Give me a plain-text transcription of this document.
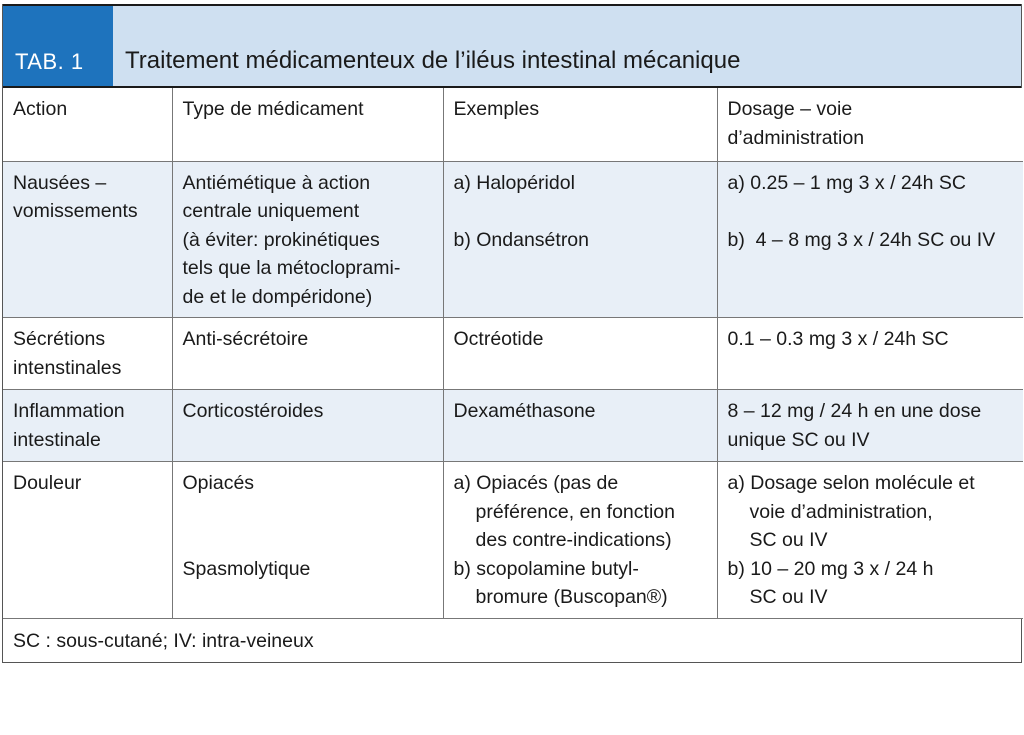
TAB. 1 Traitement médicamenteux de l’iléus intestinal mécanique
Action	Type de médicament	Exemples	Dosage – voie
d’administration

Nausées –
vomissements	Antiémétique à action
centrale uniquement
(à éviter: prokinétiques
tels que la métocloprami-
de et le dompéridone)	a) Halopéridol
b) Ondansétron	a) 0.25 – 1 mg 3 x / 24h SC
b)  4 – 8 mg 3 x / 24h SC ou IV

Sécrétions
intenstinales	Anti-sécrétoire	Octréotide	0.1 – 0.3 mg 3 x / 24h SC

Inflammation
intestinale	Corticostéroides	Dexaméthasone	8 – 12 mg / 24 h en une dose
unique SC ou IV

Douleur	Opiacés
Spasmolytique	a) Opiacés (pas de
préférence, en fonction
des contre-indications)
b) scopolamine butyl-
bromure (Buscopan®)	a) Dosage selon molécule et
voie d’administration,
SC ou IV
b) 10 – 20 mg 3 x / 24 h
SC ou IV
SC : sous-cutané; IV: intra-veineux
